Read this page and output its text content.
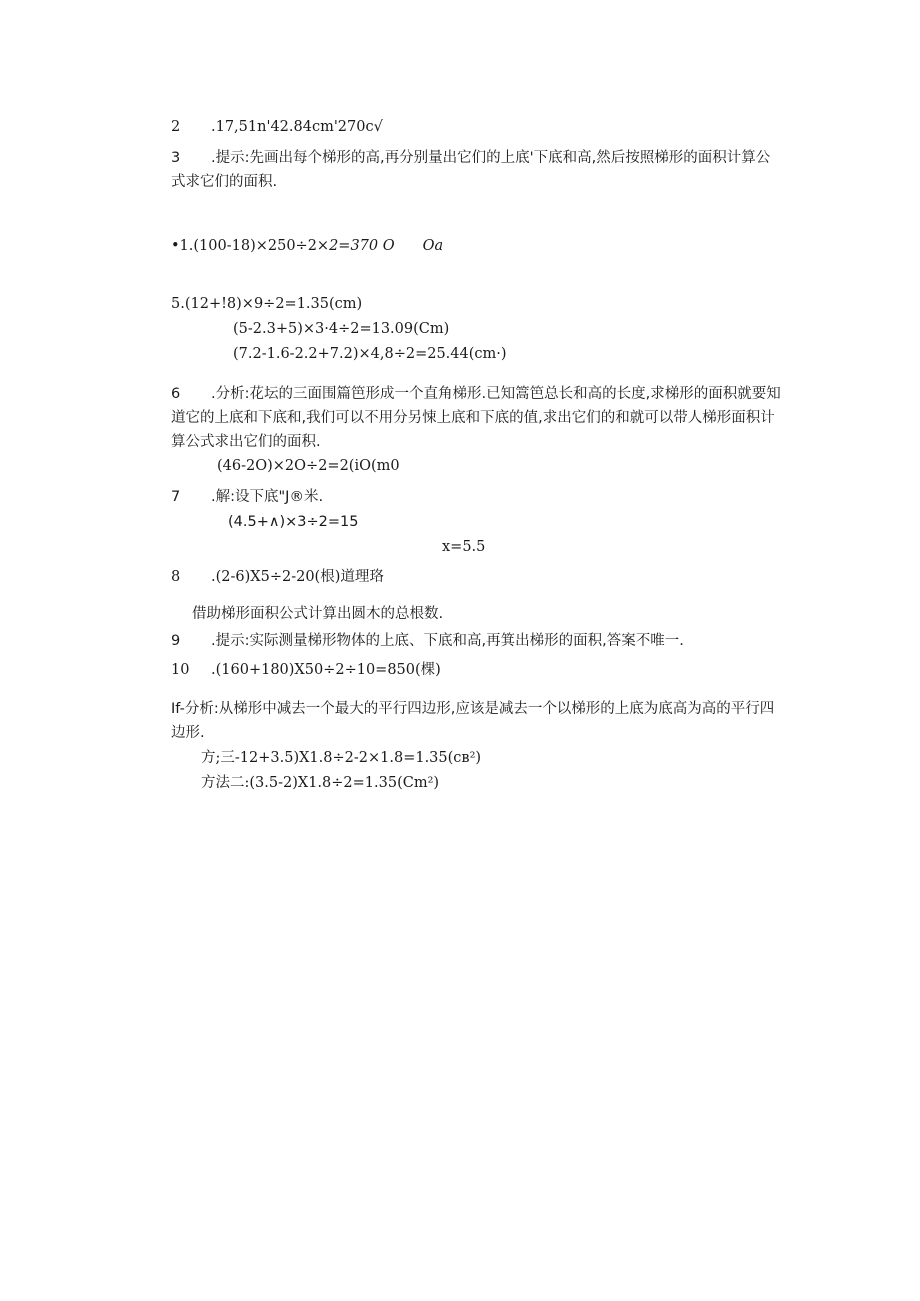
2 .17,51n'42.84cm'270c√
3 .提示:先画出每个梯形的高,再分别量出它们的上底'下底和高,然后按照梯形的面积计算公式求它们的面积.
•1.(100-18)×250÷2×2=370 O Oa
5.(12+!8)×9÷2=1.35(cm)
(5-2.3+5)×3·4÷2=13.09(Cm)
(7.2-1.6-2.2+7.2)×4,8÷2=25.44(cm·)
6 .分析:花坛的三面围篇笆形成一个直角梯形.已知篙笆总长和高的长度,求梯形的面积就要知道它的上底和下底和,我们可以不用分另悚上底和下底的值,求出它们的和就可以带人梯形面积计算公式求出它们的面积.
(46-2O)×2O÷2=2(iO(m0
7 .解:设下底"J®米.
(4.5+∧)×3÷2=15
x=5.5
8 .(2-6)X5÷2-20(根)道理珞
借助梯形面积公式计算出圆木的总根数.
9 .提示:实际测量梯形物体的上底、下底和高,再箕出梯形的面积,答案不唯一.
10 .(160+180)X50÷2÷10=850(棵)
If-分析:从梯形中减去一个最大的平行四边形,应该是减去一个以梯形的上底为底高为高的平行四边形.
方;三-12+3.5)X1.8÷2-2×1.8=1.35(cв²)
方法二:(3.5-2)X1.8÷2=1.35(Cm²)
